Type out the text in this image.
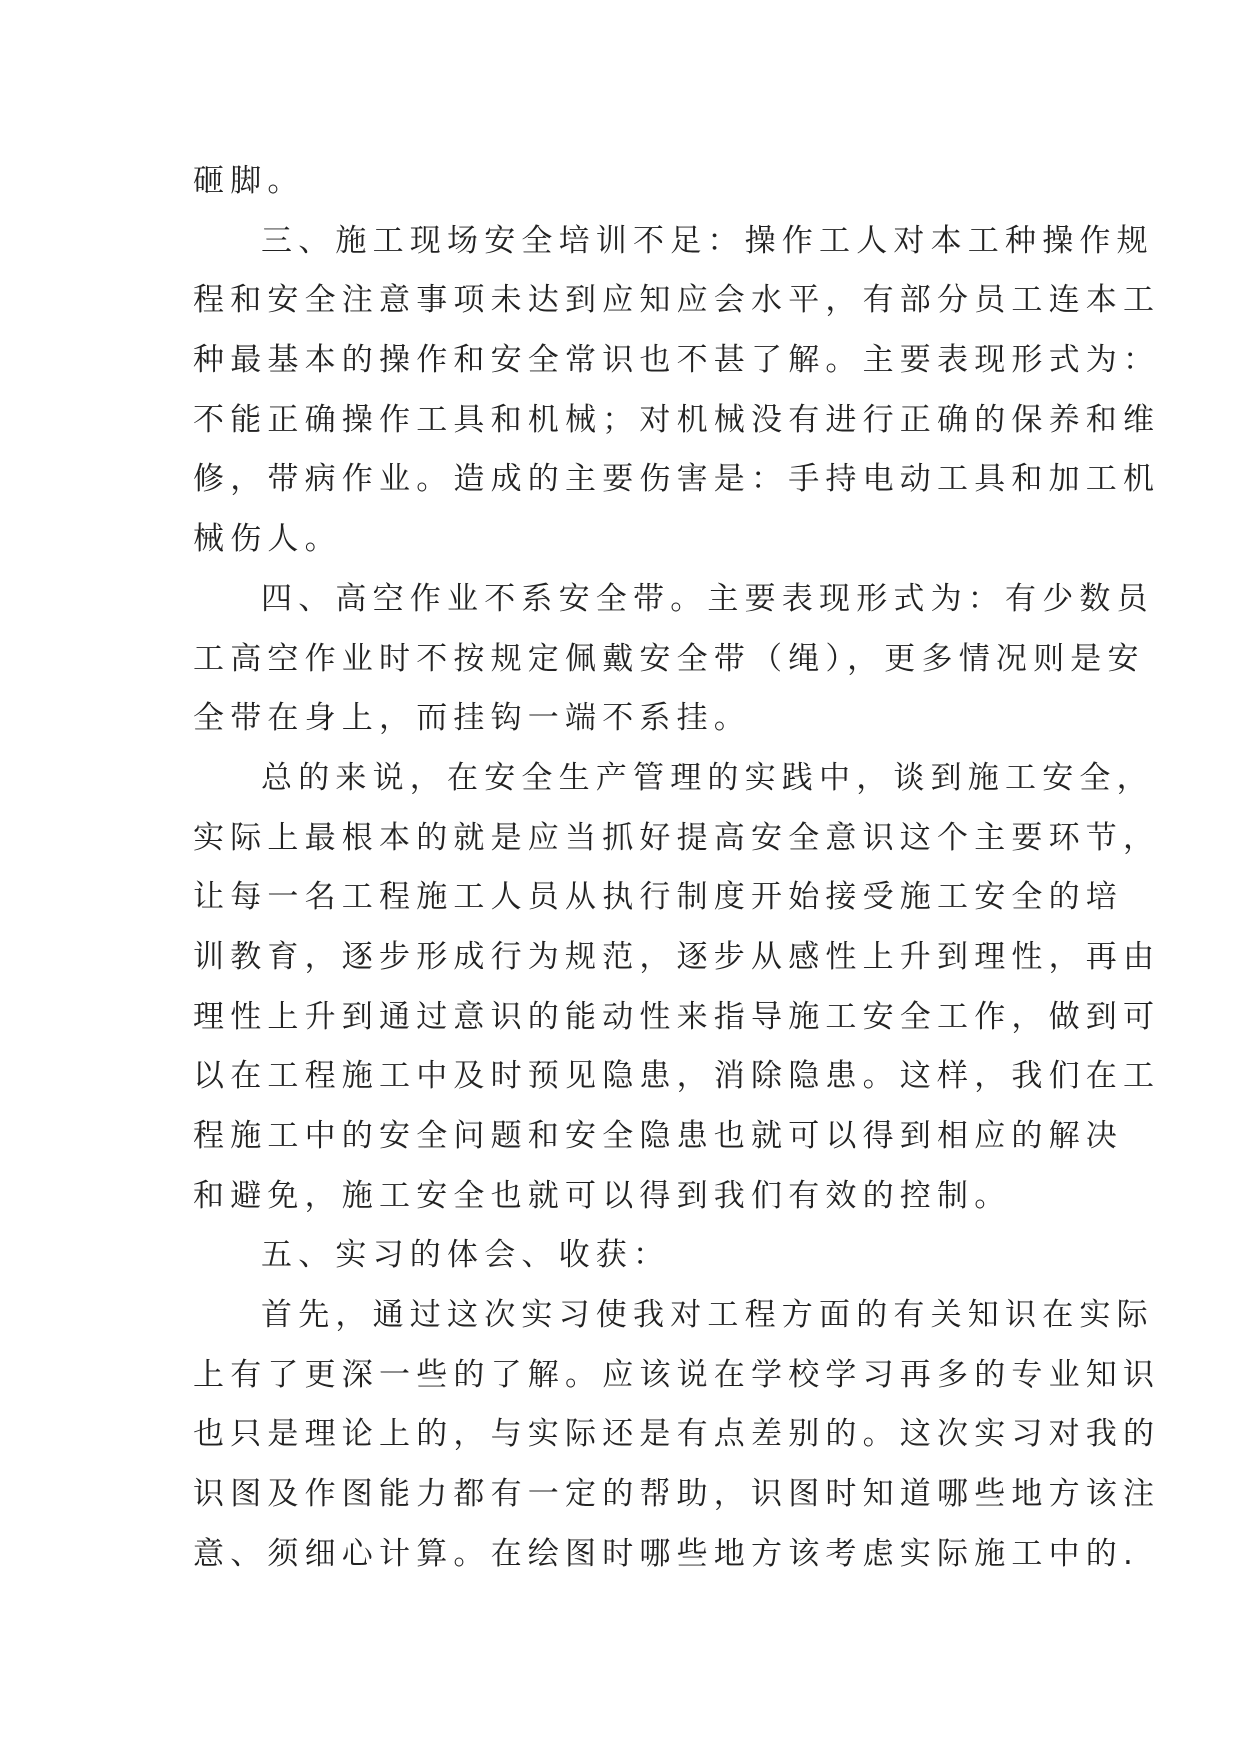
砸脚。
三、施工现场安全培训不足：操作工人对本工种操作规
程和安全注意事项未达到应知应会水平，有部分员工连本工
种最基本的操作和安全常识也不甚了解。主要表现形式为：
不能正确操作工具和机械；对机械没有进行正确的保养和维
修，带病作业。造成的主要伤害是：手持电动工具和加工机
械伤人。
四、高空作业不系安全带。主要表现形式为：有少数员
工高空作业时不按规定佩戴安全带（绳），更多情况则是安
全带在身上，而挂钩一端不系挂。
总的来说，在安全生产管理的实践中，谈到施工安全，
实际上最根本的就是应当抓好提高安全意识这个主要环节，
让每一名工程施工人员从执行制度开始接受施工安全的培
训教育，逐步形成行为规范，逐步从感性上升到理性，再由
理性上升到通过意识的能动性来指导施工安全工作，做到可
以在工程施工中及时预见隐患，消除隐患。这样，我们在工
程施工中的安全问题和安全隐患也就可以得到相应的解决
和避免，施工安全也就可以得到我们有效的控制。
五、实习的体会、收获：
首先，通过这次实习使我对工程方面的有关知识在实际
上有了更深一些的了解。应该说在学校学习再多的专业知识
也只是理论上的，与实际还是有点差别的。这次实习对我的
识图及作图能力都有一定的帮助，识图时知道哪些地方该注
意、须细心计算。在绘图时哪些地方该考虑实际施工中的.
